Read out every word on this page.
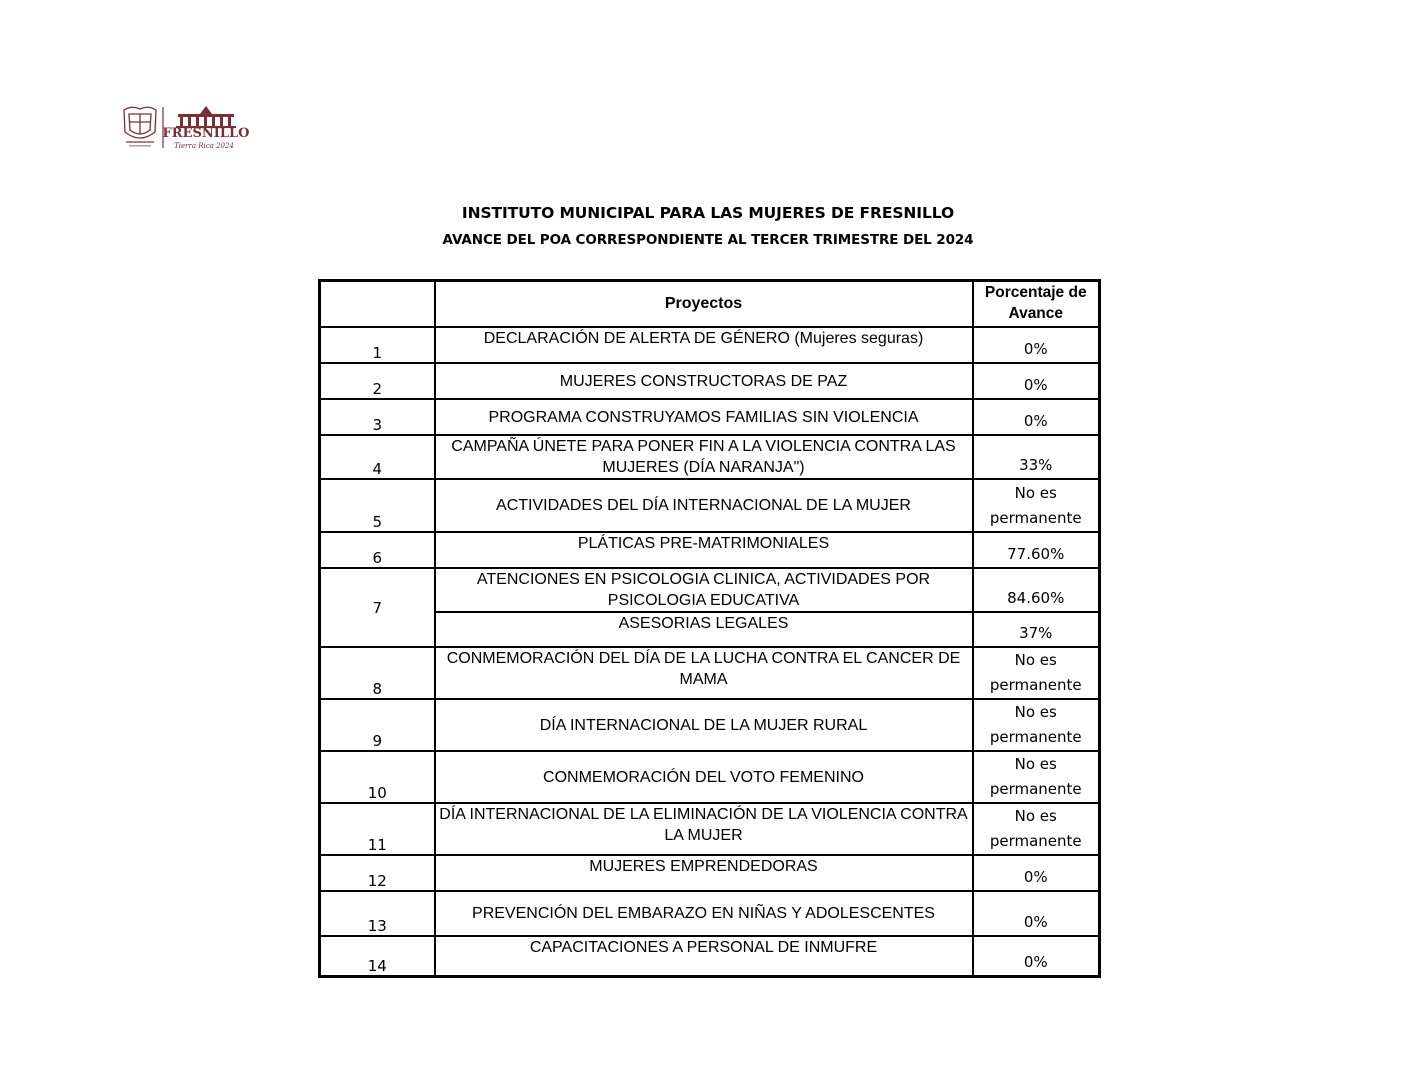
FRESNILLO
Tierra Rica 2024
INSTITUTO MUNICIPAL PARA LAS MUJERES DE FRESNILLO
AVANCE DEL POA CORRESPONDIENTE AL TERCER TRIMESTRE DEL 2024
	Proyectos	Porcentaje de Avance
1	DECLARACIÓN DE ALERTA DE GÉNERO (Mujeres seguras)	0%
2	MUJERES CONSTRUCTORAS DE PAZ	0%
3	PROGRAMA CONSTRUYAMOS FAMILIAS SIN VIOLENCIA	0%
4	CAMPAÑA ÚNETE PARA PONER FIN A LA VIOLENCIA CONTRA LAS MUJERES (DÍA NARANJA")	33%
5	ACTIVIDADES DEL DÍA INTERNACIONAL DE LA MUJER	No es permanente
6	PLÁTICAS PRE-MATRIMONIALES	77.60%
7	ATENCIONES EN PSICOLOGIA CLINICA, ACTIVIDADES POR PSICOLOGIA EDUCATIVA	84.60%
	ASESORIAS LEGALES	37%
8	CONMEMORACIÓN DEL DÍA DE LA LUCHA CONTRA EL CANCER DE MAMA	No es permanente
9	DÍA INTERNACIONAL DE LA MUJER RURAL	No es permanente
10	CONMEMORACIÓN DEL VOTO FEMENINO	No es permanente
11	DÍA INTERNACIONAL DE LA ELIMINACIÓN DE LA VIOLENCIA CONTRA LA MUJER	No es permanente
12	MUJERES EMPRENDEDORAS	0%
13	PREVENCIÓN DEL EMBARAZO EN NIÑAS Y ADOLESCENTES	0%
14	CAPACITACIONES A PERSONAL DE INMUFRE	0%
